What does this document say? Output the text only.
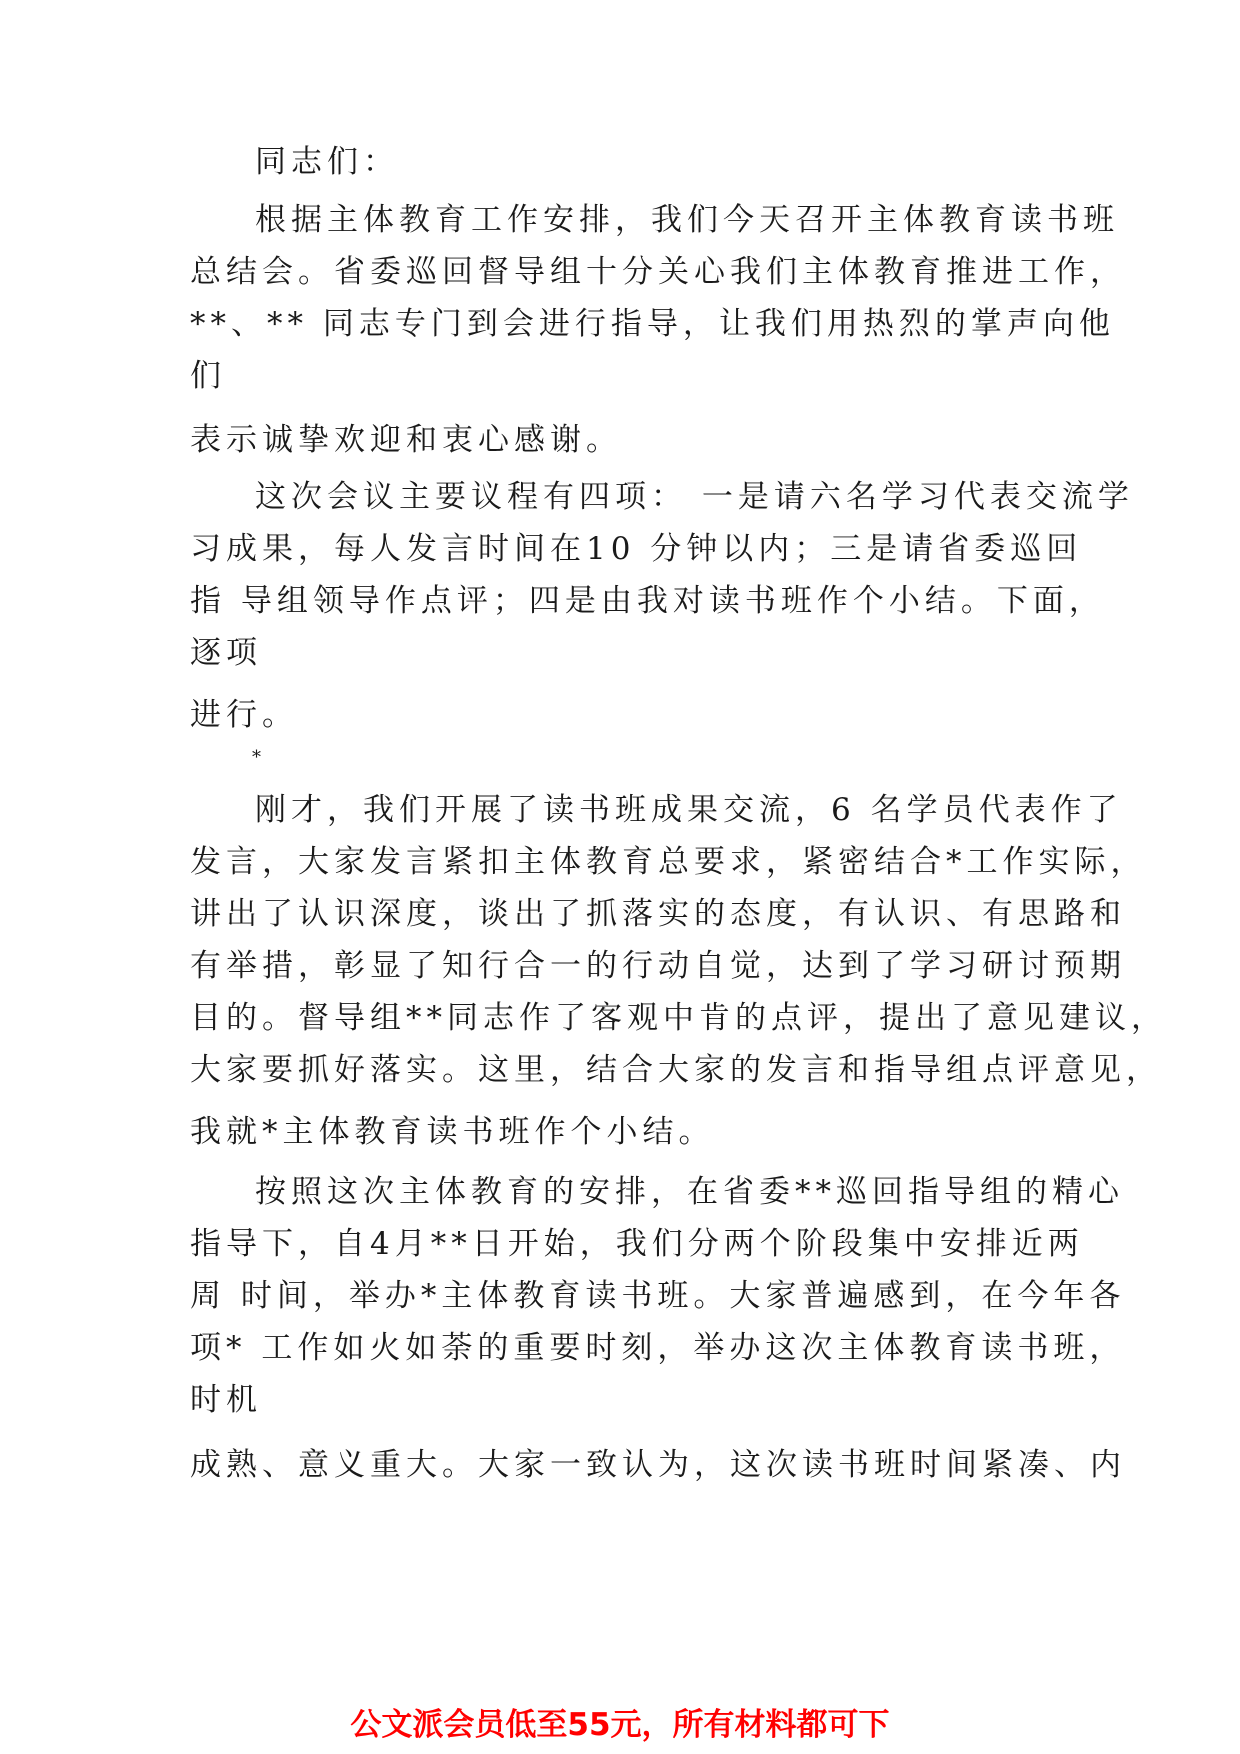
同志们：
根据主体教育工作安排，我们今天召开主体教育读书班
总结会。省委巡回督导组十分关心我们主体教育推进工作，
**、** 同志专门到会进行指导，让我们用热烈的掌声向他
们
表示诚挚欢迎和衷心感谢。
这次会议主要议程有四项： 一是请六名学习代表交流学
习成果，每人发言时间在10 分钟以内；三是请省委巡回
指 导组领导作点评；四是由我对读书班作个小结。下面，
逐项
进行。
*
刚才，我们开展了读书班成果交流，6 名学员代表作了
发言，大家发言紧扣主体教育总要求，紧密结合*工作实际，
讲出了认识深度，谈出了抓落实的态度，有认识、有思路和
有举措，彰显了知行合一的行动自觉，达到了学习研讨预期
目的。督导组**同志作了客观中肯的点评，提出了意见建议，
大家要抓好落实。这里，结合大家的发言和指导组点评意见，
我就*主体教育读书班作个小结。
按照这次主体教育的安排，在省委**巡回指导组的精心
指导下，自4月**日开始，我们分两个阶段集中安排近两
周 时间，举办*主体教育读书班。大家普遍感到，在今年各
项* 工作如火如荼的重要时刻，举办这次主体教育读书班，
时机
成熟、意义重大。大家一致认为，这次读书班时间紧凑、内
公文派会员低至55元，所有材料都可下
